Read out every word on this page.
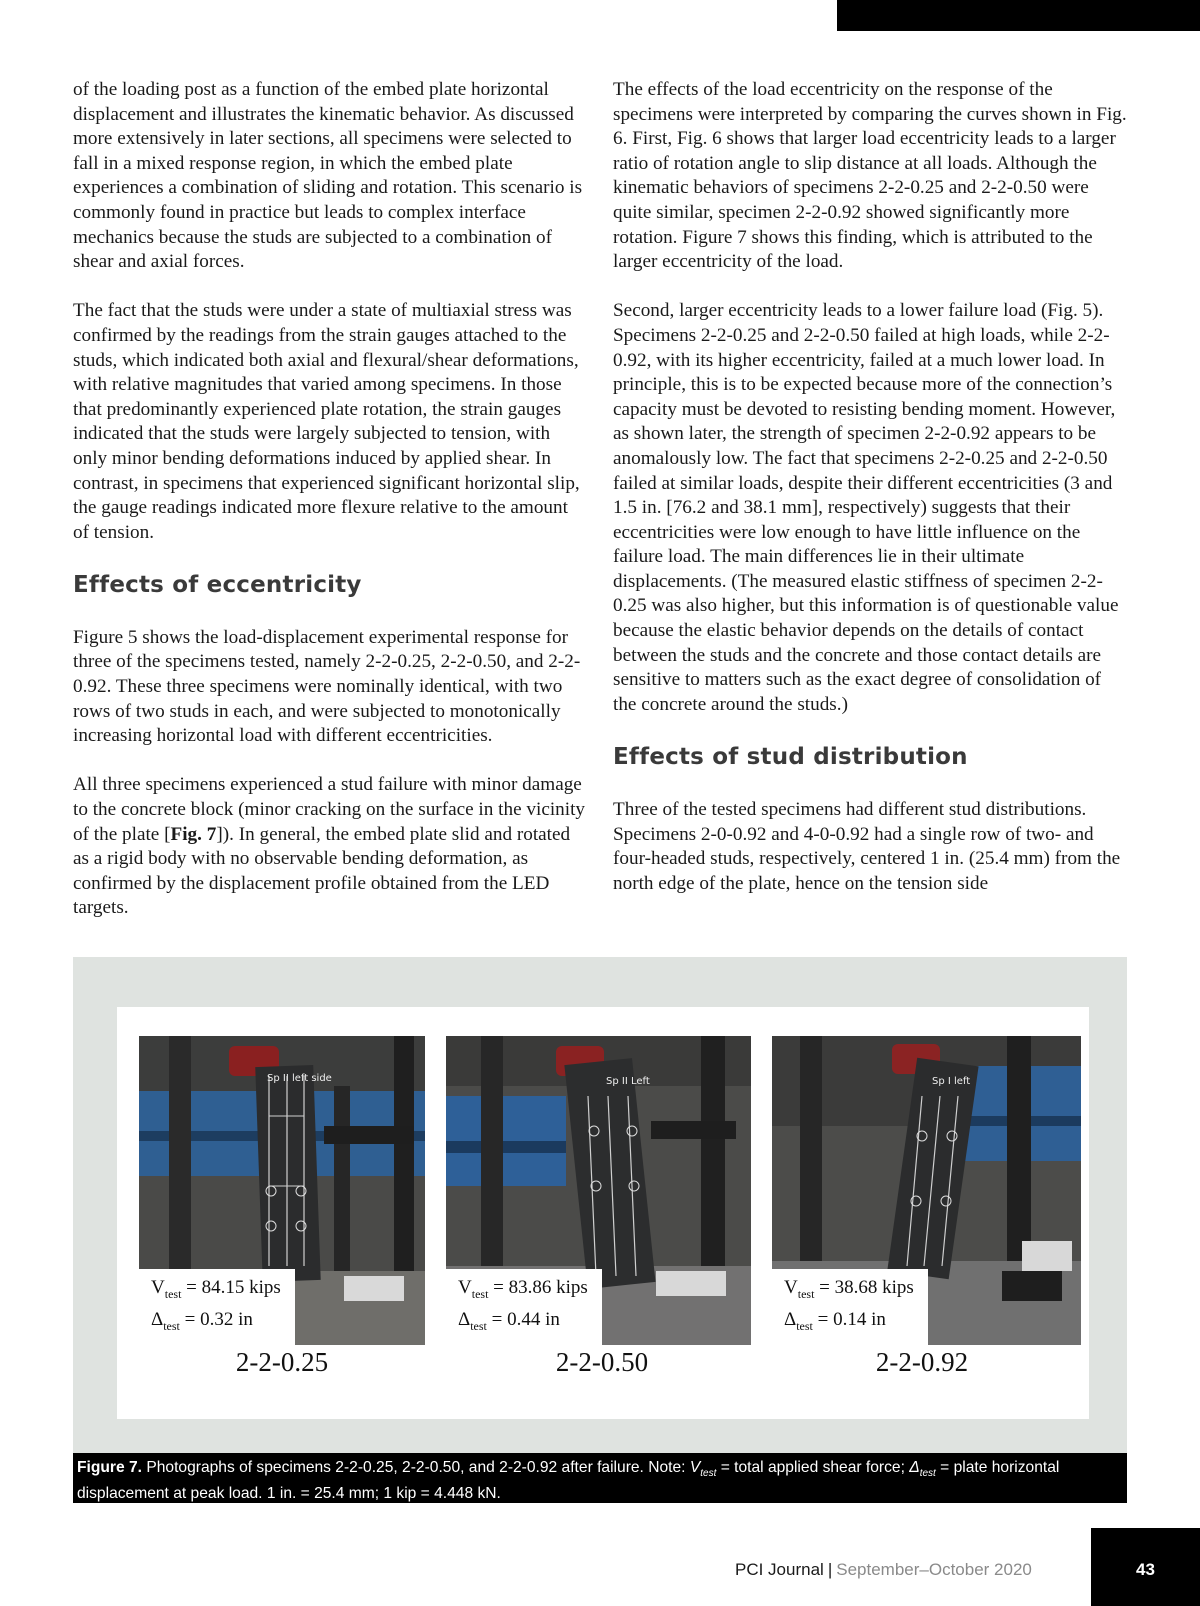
of the loading post as a function of the embed plate horizontal displacement and illustrates the kinematic behavior. As discussed more extensively in later sections, all specimens were selected to fall in a mixed response region, in which the embed plate experiences a combination of sliding and rotation. This scenario is commonly found in practice but leads to complex interface mechanics because the studs are subjected to a combination of shear and axial forces.

The fact that the studs were under a state of multiaxial stress was confirmed by the readings from the strain gauges attached to the studs, which indicated both axial and flexural/shear deformations, with relative magnitudes that varied among specimens. In those that predominantly experienced plate rotation, the strain gauges indicated that the studs were largely subjected to tension, with only minor bending deformations induced by applied shear. In contrast, in specimens that experienced significant horizontal slip, the gauge readings indicated more flexure relative to the amount of tension.

Effects of eccentricity

Figure 5 shows the load-displacement experimental response for three of the specimens tested, namely 2-2-0.25, 2-2-0.50, and 2-2-0.92. These three specimens were nominally identical, with two rows of two studs in each, and were subjected to monotonically increasing horizontal load with different eccentricities.

All three specimens experienced a stud failure with minor damage to the concrete block (minor cracking on the surface in the vicinity of the plate [Fig. 7]). In general, the embed plate slid and rotated as a rigid body with no observable bending deformation, as confirmed by the displacement profile obtained from the LED targets.

The effects of the load eccentricity on the response of the specimens were interpreted by comparing the curves shown in Fig. 6. First, Fig. 6 shows that larger load eccentricity leads to a larger ratio of rotation angle to slip distance at all loads. Although the kinematic behaviors of specimens 2-2-0.25 and 2-2-0.50 were quite similar, specimen 2-2-0.92 showed significantly more rotation. Figure 7 shows this finding, which is attributed to the larger eccentricity of the load.

Second, larger eccentricity leads to a lower failure load (Fig. 5). Specimens 2-2-0.25 and 2-2-0.50 failed at high loads, while 2-2-0.92, with its higher eccentricity, failed at a much lower load. In principle, this is to be expected because more of the connection’s capacity must be devoted to resisting bending moment. However, as shown later, the strength of specimen 2-2-0.92 appears to be anomalously low. The fact that specimens 2-2-0.25 and 2-2-0.50 failed at similar loads, despite their different eccentricities (3 and 1.5 in. [76.2 and 38.1 mm], respectively) suggests that their eccentricities were low enough to have little influence on the failure load. The main differences lie in their ultimate displacements. (The measured elastic stiffness of specimen 2-2-0.25 was also higher, but this information is of questionable value because the elastic behavior depends on the details of contact between the studs and the concrete and those contact details are sensitive to matters such as the exact degree of consolidation of the concrete around the studs.)

Effects of stud distribution

Three of the tested specimens had different stud distributions. Specimens 2-0-0.92 and 4-0-0.92 had a single row of two- and four-headed studs, respectively, centered 1 in. (25.4 mm) from the north edge of the plate, hence on the tension side

Sp II left side
$V_{test} = 84.15$ kips
$\Delta_{test} = 0.32$ in
2-2-0.25
Sp II Left
$V_{test} = 83.86$ kips
$\Delta_{test} = 0.44$ in
2-2-0.50
Sp I left
$V_{test} = 38.68$ kips
$\Delta_{test} = 0.14$ in
2-2-0.92
Figure 7. Photographs of specimens 2-2-0.25, 2-2-0.50, and 2-2-0.92 after failure. Note: $V_{test}$ = total applied shear force; $\Delta_{test}$ = plate horizontal displacement at peak load. 1 in. = 25.4 mm; 1 kip = 4.448 kN.
PCI Journal | September–October 2020	43
